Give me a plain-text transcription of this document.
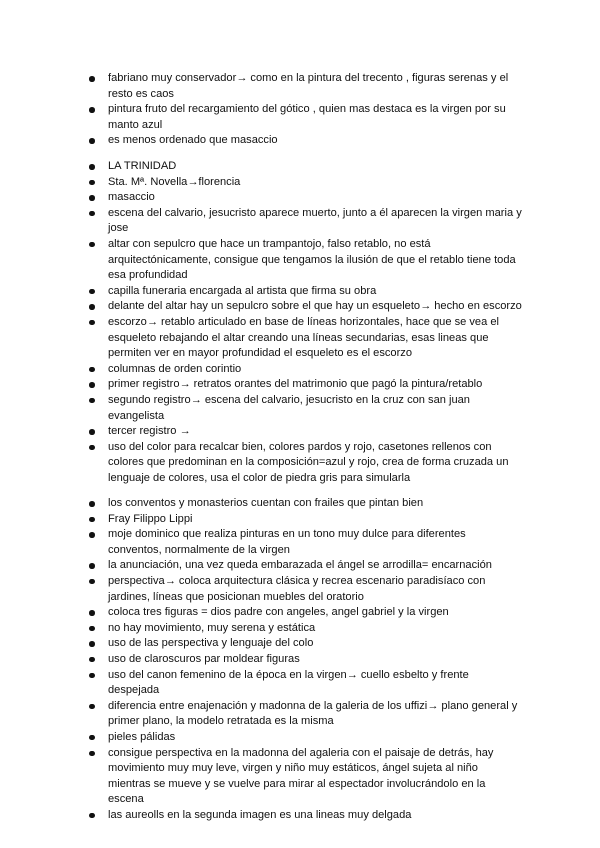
fabriano muy conservador→ como en la pintura del trecento , figuras serenas y el resto es caos
pintura fruto del recargamiento del gótico , quien mas destaca es la virgen por su manto azul
es menos ordenado que masaccio
LA TRINIDAD
Sta. Mª. Novella→florencia
masaccio
escena del calvario, jesucristo aparece muerto, junto a él aparecen la virgen maria y jose
altar con sepulcro que hace un trampantojo, falso retablo, no está arquitectónicamente, consigue que tengamos la ilusión de que el retablo tiene toda esa profundidad
capilla funeraria encargada al artista que firma su obra
delante del altar hay un sepulcro sobre el que hay un esqueleto→ hecho en escorzo
escorzo→ retablo articulado en base de líneas horizontales, hace que se vea el esqueleto rebajando el altar creando una líneas secundarias, esas lineas que permiten ver en mayor profundidad el esqueleto es el escorzo
columnas de orden corintio
primer registro→ retratos orantes del matrimonio que pagó la pintura/retablo
segundo registro→ escena del calvario, jesucristo en la cruz con san juan evangelista
tercer registro →
uso del color para recalcar bien, colores pardos y rojo, casetones rellenos con colores que predominan en la composición=azul y rojo, crea de forma cruzada un lenguaje de colores, usa el color de piedra gris para simularla
los conventos y monasterios cuentan con frailes que pintan bien
Fray Filippo Lippi
moje dominico que realiza pinturas en un tono muy dulce para diferentes conventos, normalmente de la virgen
la anunciación, una vez queda embarazada el ángel se arrodilla= encarnación
perspectiva→ coloca arquitectura clásica y recrea escenario paradisíaco con jardines, líneas que posicionan muebles del oratorio
coloca tres figuras = dios padre con angeles, angel gabriel y la virgen
no hay movimiento, muy serena y estática
uso de las perspectiva y lenguaje del colo
uso de claroscuros par moldear figuras
uso del canon femenino de la época en la virgen→ cuello esbelto y frente despejada
diferencia entre enajenación y madonna de la galeria de los uffizi→ plano general y primer plano, la modelo retratada es la misma
pieles pálidas
consigue perspectiva en la madonna del agaleria con el paisaje de detrás, hay movimiento muy muy leve, virgen y niño muy estáticos, ángel sujeta al niño mientras se mueve y se vuelve para mirar al espectador involucrándolo en la escena
las aureolls en la segunda imagen es una lineas muy delgada
